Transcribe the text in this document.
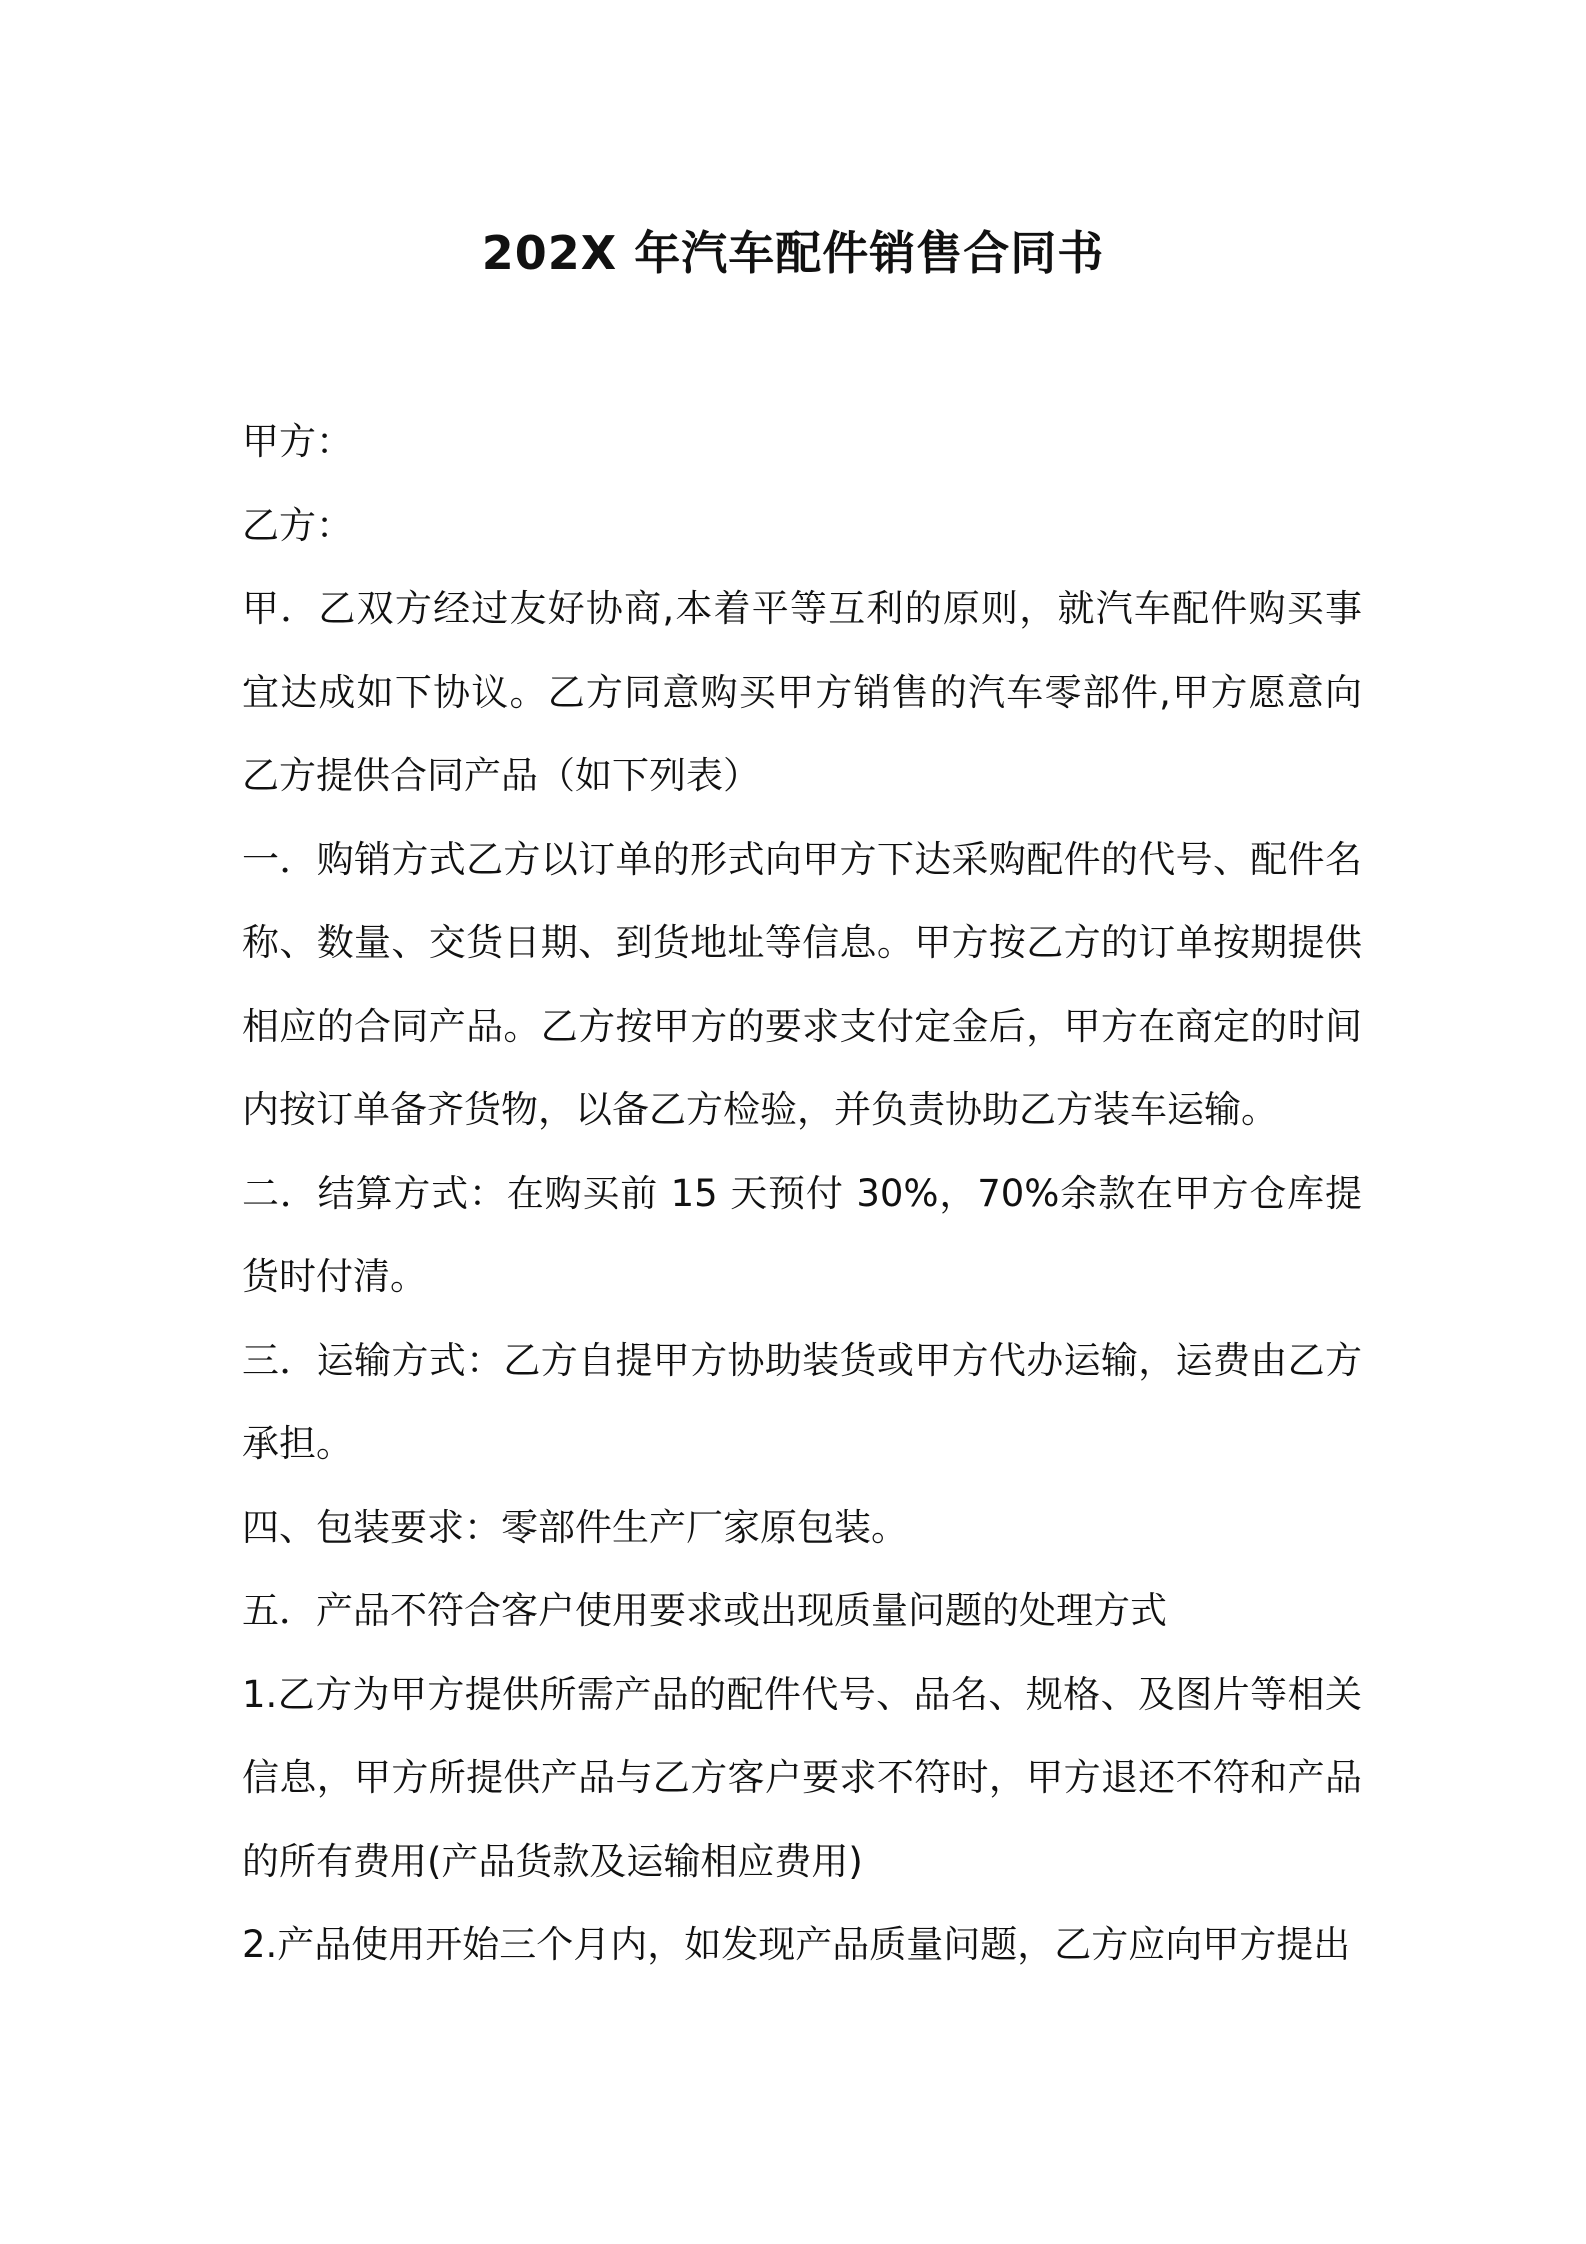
202X 年汽车配件销售合同书

甲方：

乙方：

甲．乙双方经过友好协商,本着平等互利的原则，就汽车配件购买事宜达成如下协议。乙方同意购买甲方销售的汽车零部件,甲方愿意向乙方提供合同产品（如下列表）

一．购销方式乙方以订单的形式向甲方下达采购配件的代号、配件名称、数量、交货日期、到货地址等信息。甲方按乙方的订单按期提供相应的合同产品。乙方按甲方的要求支付定金后，甲方在商定的时间内按订单备齐货物，以备乙方检验，并负责协助乙方装车运输。

二．结算方式：在购买前 15 天预付 30%，70%余款在甲方仓库提货时付清。

三．运输方式：乙方自提甲方协助装货或甲方代办运输，运费由乙方承担。

四、包装要求：零部件生产厂家原包装。

五．产品不符合客户使用要求或出现质量问题的处理方式

1.乙方为甲方提供所需产品的配件代号、品名、规格、及图片等相关信息，甲方所提供产品与乙方客户要求不符时，甲方退还不符和产品的所有费用(产品货款及运输相应费用)

2.产品使用开始三个月内，如发现产品质量问题，乙方应向甲方提出
